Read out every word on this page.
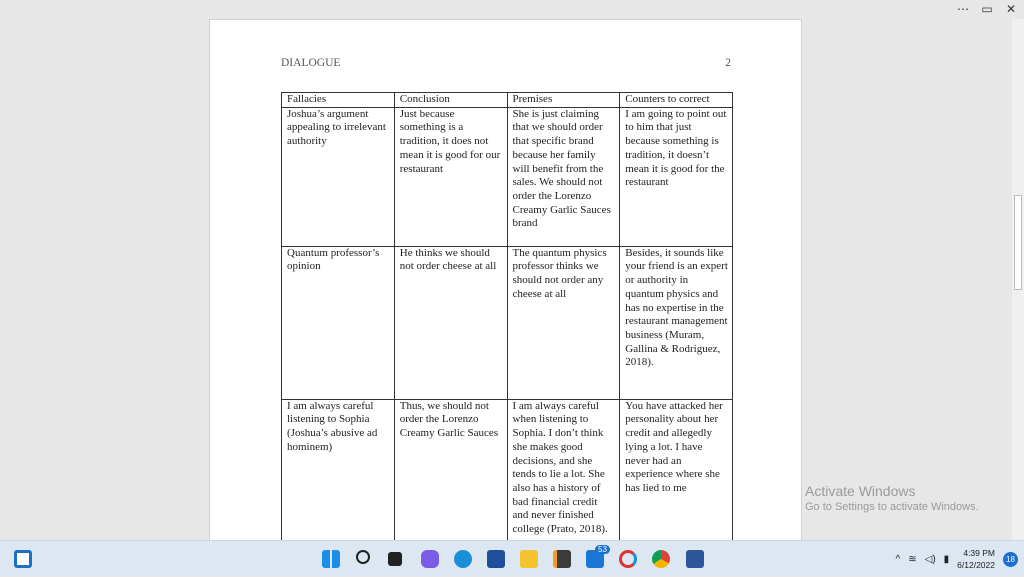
⋯ ▭ ✕
DIALOGUE	2
Fallacies	Conclusion	Premises	Counters to correct
Joshua’s argument appealing to irrelevant authority	Just because something is a tradition, it does not mean it is good for our restaurant	She is just claiming that we should order that specific brand because her family will benefit from the sales. We should not order the Lorenzo Creamy Garlic Sauces brand	I am going to point out to him that just because something is tradition, it doesn’t mean it is good for the restaurant
Quantum professor’s opinion	He thinks we should not order cheese at all	The quantum physics professor thinks we should not order any cheese at all	Besides, it sounds like your friend is an expert or authority in quantum physics and has no expertise in the restaurant management business (Muram, Gallina & Rodríguez, 2018).
I am always careful listening to Sophia (Joshua’s abusive ad hominem)	Thus, we should not order the Lorenzo Creamy Garlic Sauces	I am always careful when listening to Sophia. I don’t think she makes good decisions, and she tends to lie a lot. She also has a history of bad financial credit and never finished college (Prato, 2018).	You have attacked her personality about her credit and allegedly lying a lot. I have never had an experience where she has lied to me	Activate Windows
Go to Settings to activate Windows.
53
^ ≋ ◁) ▮
4:39 PM
6/12/2022
18
